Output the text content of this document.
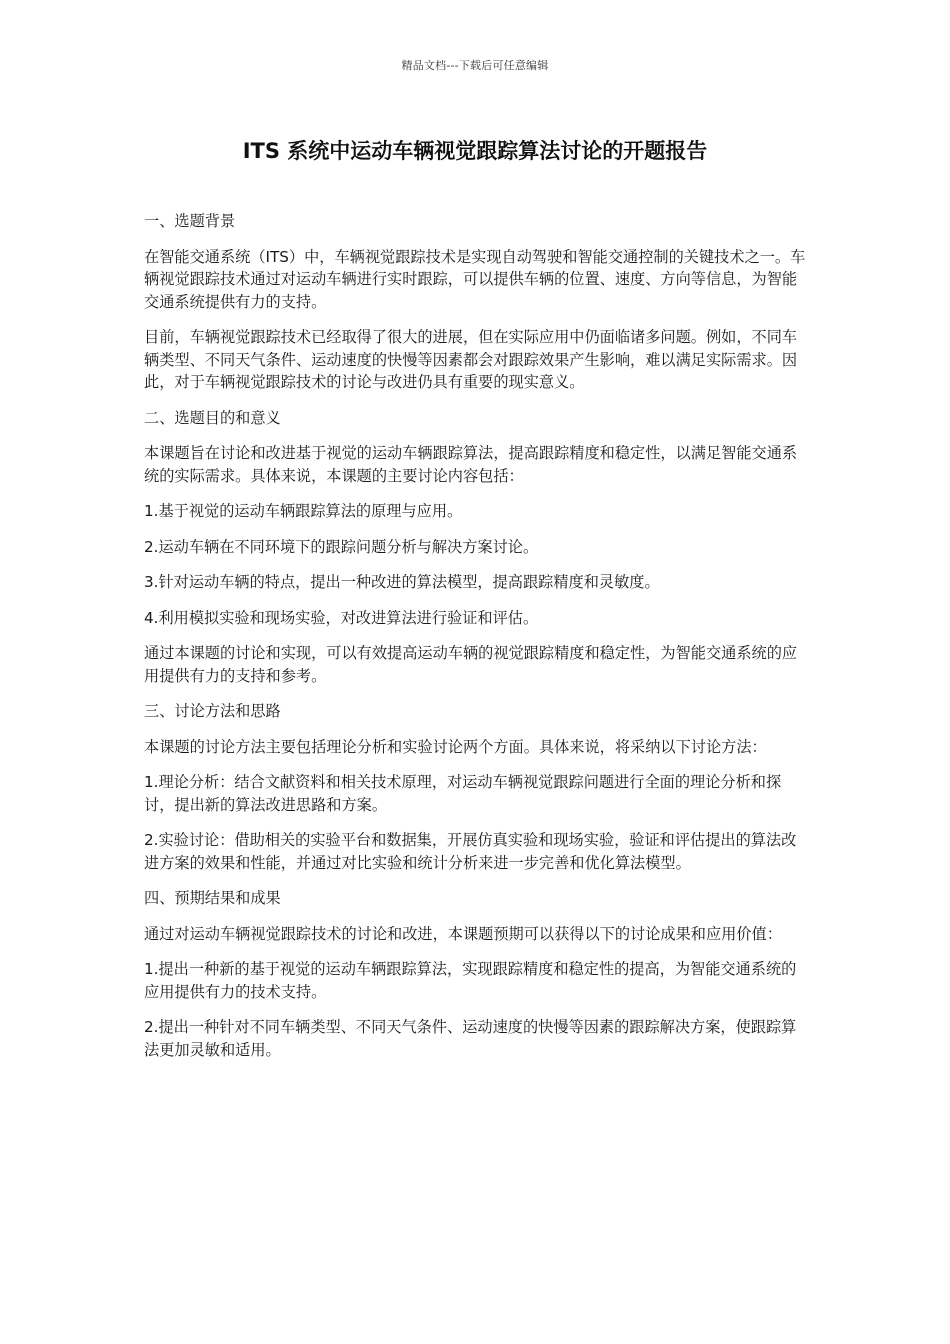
精品文档---下载后可任意编辑
ITS 系统中运动车辆视觉跟踪算法讨论的开题报告

一、选题背景

在智能交通系统（ITS）中，车辆视觉跟踪技术是实现自动驾驶和智能交通控制的关键技术之一。车辆视觉跟踪技术通过对运动车辆进行实时跟踪，可以提供车辆的位置、速度、方向等信息，为智能交通系统提供有力的支持。

目前，车辆视觉跟踪技术已经取得了很大的进展，但在实际应用中仍面临诸多问题。例如，不同车辆类型、不同天气条件、运动速度的快慢等因素都会对跟踪效果产生影响，难以满足实际需求。因此，对于车辆视觉跟踪技术的讨论与改进仍具有重要的现实意义。

二、选题目的和意义

本课题旨在讨论和改进基于视觉的运动车辆跟踪算法，提高跟踪精度和稳定性，以满足智能交通系统的实际需求。具体来说，本课题的主要讨论内容包括：

1.基于视觉的运动车辆跟踪算法的原理与应用。

2.运动车辆在不同环境下的跟踪问题分析与解决方案讨论。

3.针对运动车辆的特点，提出一种改进的算法模型，提高跟踪精度和灵敏度。

4.利用模拟实验和现场实验，对改进算法进行验证和评估。

通过本课题的讨论和实现，可以有效提高运动车辆的视觉跟踪精度和稳定性，为智能交通系统的应用提供有力的支持和参考。

三、讨论方法和思路

本课题的讨论方法主要包括理论分析和实验讨论两个方面。具体来说，将采纳以下讨论方法：

1.理论分析：结合文献资料和相关技术原理，对运动车辆视觉跟踪问题进行全面的理论分析和探讨，提出新的算法改进思路和方案。

2.实验讨论：借助相关的实验平台和数据集，开展仿真实验和现场实验，验证和评估提出的算法改进方案的效果和性能，并通过对比实验和统计分析来进一步完善和优化算法模型。

四、预期结果和成果

通过对运动车辆视觉跟踪技术的讨论和改进，本课题预期可以获得以下的讨论成果和应用价值：

1.提出一种新的基于视觉的运动车辆跟踪算法，实现跟踪精度和稳定性的提高，为智能交通系统的应用提供有力的技术支持。

2.提出一种针对不同车辆类型、不同天气条件、运动速度的快慢等因素的跟踪解决方案，使跟踪算法更加灵敏和适用。
